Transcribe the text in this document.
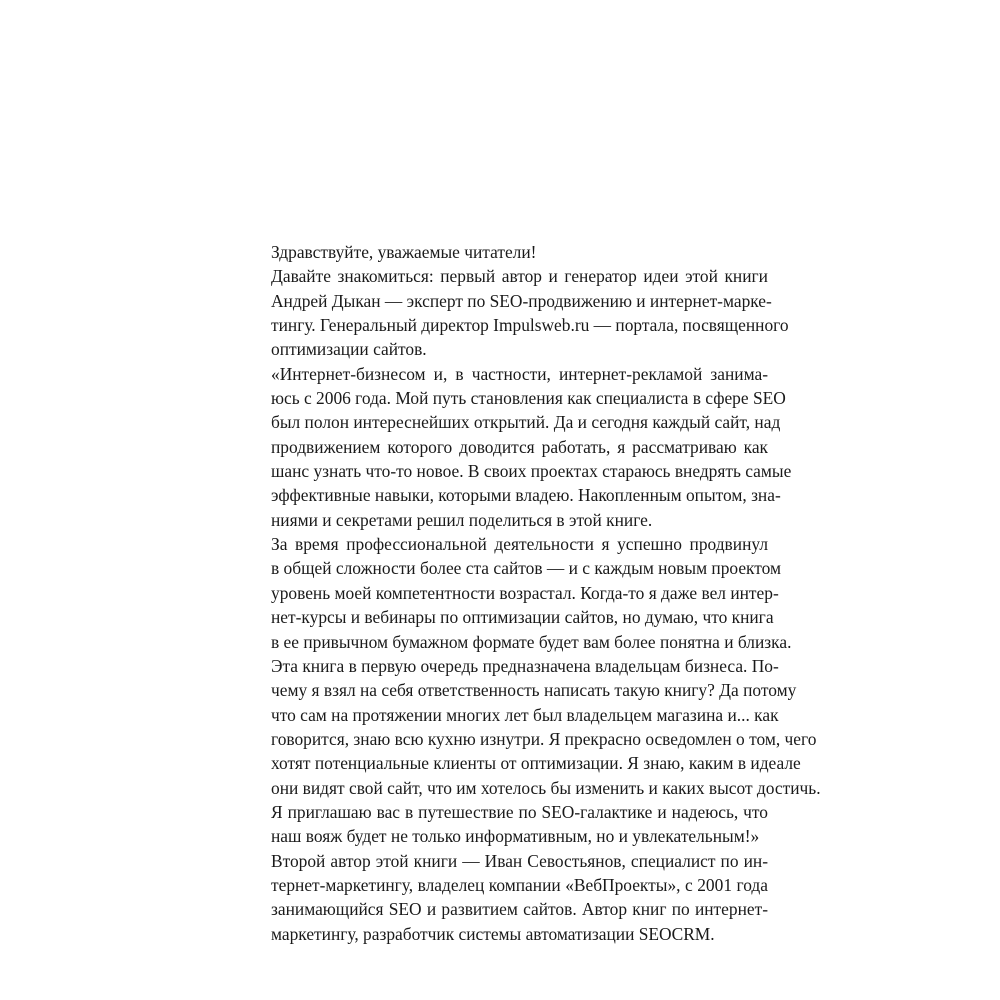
Здравствуйте, уважаемые читатели!

Давайте знакомиться: первый автор и генератор идеи этой книги
Андрей Дыкан — эксперт по SEO-продвижению и интернет-марке-
тингу. Генеральный директор Impulsweb.ru — портала, посвященного
оптимизации сайтов.

«Интернет-бизнесом и, в частности, интернет-рекламой занима-
юсь с 2006 года. Мой путь становления как специалиста в сфере SEO
был полон интереснейших открытий. Да и сегодня каждый сайт, над
продвижением которого доводится работать, я рассматриваю как
шанс узнать что-то новое. В своих проектах стараюсь внедрять самые
эффективные навыки, которыми владею. Накопленным опытом, зна-
ниями и секретами решил поделиться в этой книге.

За время профессиональной деятельности я успешно продвинул
в общей сложности более ста сайтов — и с каждым новым проектом
уровень моей компетентности возрастал. Когда-то я даже вел интер-
нет-курсы и вебинары по оптимизации сайтов, но думаю, что книга
в ее привычном бумажном формате будет вам более понятна и близка.

Эта книга в первую очередь предназначена владельцам бизнеса. По-
чему я взял на себя ответственность написать такую книгу? Да потому
что сам на протяжении многих лет был владельцем магазина и... как
говорится, знаю всю кухню изнутри. Я прекрасно осведомлен о том, чего
хотят потенциальные клиенты от оптимизации. Я знаю, каким в идеале
они видят свой сайт, что им хотелось бы изменить и каких высот достичь.

Я приглашаю вас в путешествие по SEO-галактике и надеюсь, что
наш вояж будет не только информативным, но и увлекательным!»

Второй автор этой книги — Иван Севостьянов, специалист по ин-
тернет-маркетингу, владелец компании «ВебПроекты», с 2001 года
занимающийся SEO и развитием сайтов. Автор книг по интернет-
маркетингу, разработчик системы автоматизации SEOCRM.
